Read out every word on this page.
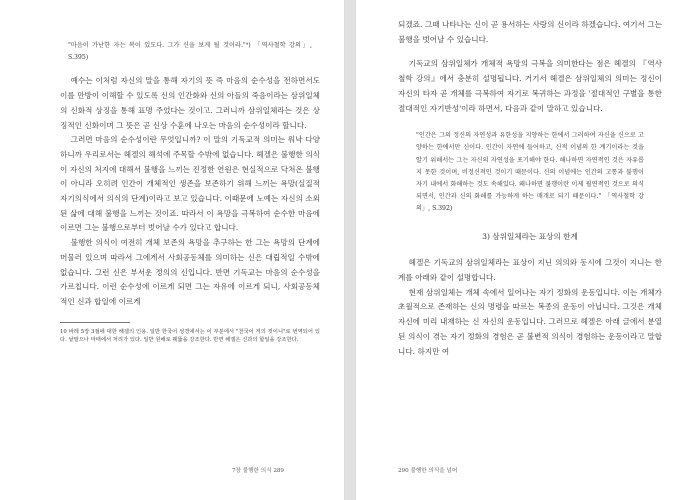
"마음이 가난한 자는 복이 있도다. 그가 신을 보게 될 것이라."⁹) 「역사철학 강의」, S.395)

예수는 이처럼 자신의 말을 통해 자기의 뜻 즉 마음의 순수성을 전하면서도 이를 만방이 이해할 수 있도록 신의 인간화와 신의 아들의 죽음이라는 삼위일체의 신화적 상징을 통해 표명 주었다는 것이고. 그러니까 삼위일체라는 것은 상징적인 신화이며 그 뜻은 곧 신상 수훈에 나오는 마음의 순수성이라 할니다.

그러면 마음의 순수성이란 무엇입니까? 이 말의 기독교적 의미는 워낙 다양하니까 우리로서는 헤겔의 해석에 주목할 수밖에 없습니다. 헤겔은 불행한 의식이 자신의 처지에 대해서 불행을 느끼는 진정한 연원은 현실적으로 닥쳐온 불행이 아니라 오히려 인간이 개체적인 생존을 보존하기 위해 느끼는 욕망(실질적 자기의식에서 의식의 단계)이라고 보고 있습니다. 이때문에 노예는 자신의 소외된 삶에 대해 불행을 느끼는 것이죠. 따라서 이 욕망을 극복하여 순수한 마음에 이르면 그는 불행으로부터 벗어날 수가 있다고 합니다.

불행한 의식이 여전히 개체 보존의 욕망을 추구하는 한 그는 욕망의 단계에 머물러 있으며 따라서 그에게서 사회공동체를 의미하는 신은 대립적일 수밖에 없습니다. 그런 신은 부서운 정의의 신입니다. 반면 기독교는 마음의 순수성을 가르칩니다. 이런 순수성에 이르게 되면 그는 자유에 이르게 되니, 사회공동체적인 신과 합일에 이르게

10 바레 5장 3절에 대한 해겔의 인용. 일반 한국어 성경에서는 이 부분에서 "천국이 저의 것이니"로 번역되어 있다. 낱말으나 마태에서 처리가 있다. 일반 원해로 꿰뚫을 강조한다. 반면 해겔은 신과의 합일을 강조한다.

7장 불행한 의식 289

되겠죠. 그때 나타나는 신이 곧 용서하는 사랑의 신이라 하겠습니다. 여기서 그는 불행을 벗어날 수 있습니다.

기독교의 삼위일체가 개체적 욕망의 극복을 의미한다는 점은 헤겔의 『역사철학 강의』에서 충분히 설명됩니다. 거기서 헤겔은 삼위일체의 의미는 정신이 자신의 타자 곧 개체를 극복하여 자기로 복귀하는 과정을 '절대적인 구별을 통한 절대적인 자기반성'이라 하면서, 다음과 같이 말하고 있습니다.

"인간은 그의 정신의 자연성과 유한성을 지양하는 한에서 그러하여 자신을 신으로 고양하는 한에서만 신이다. 인간이 자연에 들어하고, 신적 이념의 한 계기이라는 것을 알기 위해서는 그는 자신의 자연성을 포기해야 한다. 해나하면 자연적인 것은 자유롭지 못한 것이며, 비정신적인 것이기 때문이다. 신의 이념에는 인간의 고통과 불행이 자기 내에서 화해하는 것도 속해있다. 왜나하면 불행이란 이제 필연적인 것으로 의식되면서, 인간과 신의 화해를 가능하게 하는 매개로 되기 때문이다." 「역사철학 강의」, S.392)

3) 삼위일체라는 표상의 한계

헤겔은 기독교의 삼위일체라는 표상이 지닌 의의와 동시에 그것이 지니는 한계를 아래와 같이 설명합니다.

현재 삼위일체는 개체 속에서 일어나는 자기 정화의 운동입니다. 이는 개체가 초월적으로 존재하는 신의 명령을 따르는 복종의 운동이 아닙니다. 그것은 개체 자신에 미리 내재하는 신 자신의 운동입니다. 그러므로 헤겔은 아래 글에서 분열된 의식이 겪는 자기 정화의 경험은 곧 불변적 의식이 경험하는 운동이라고 말합니다. 하지만 여

290 불행한 의식을 넘어
